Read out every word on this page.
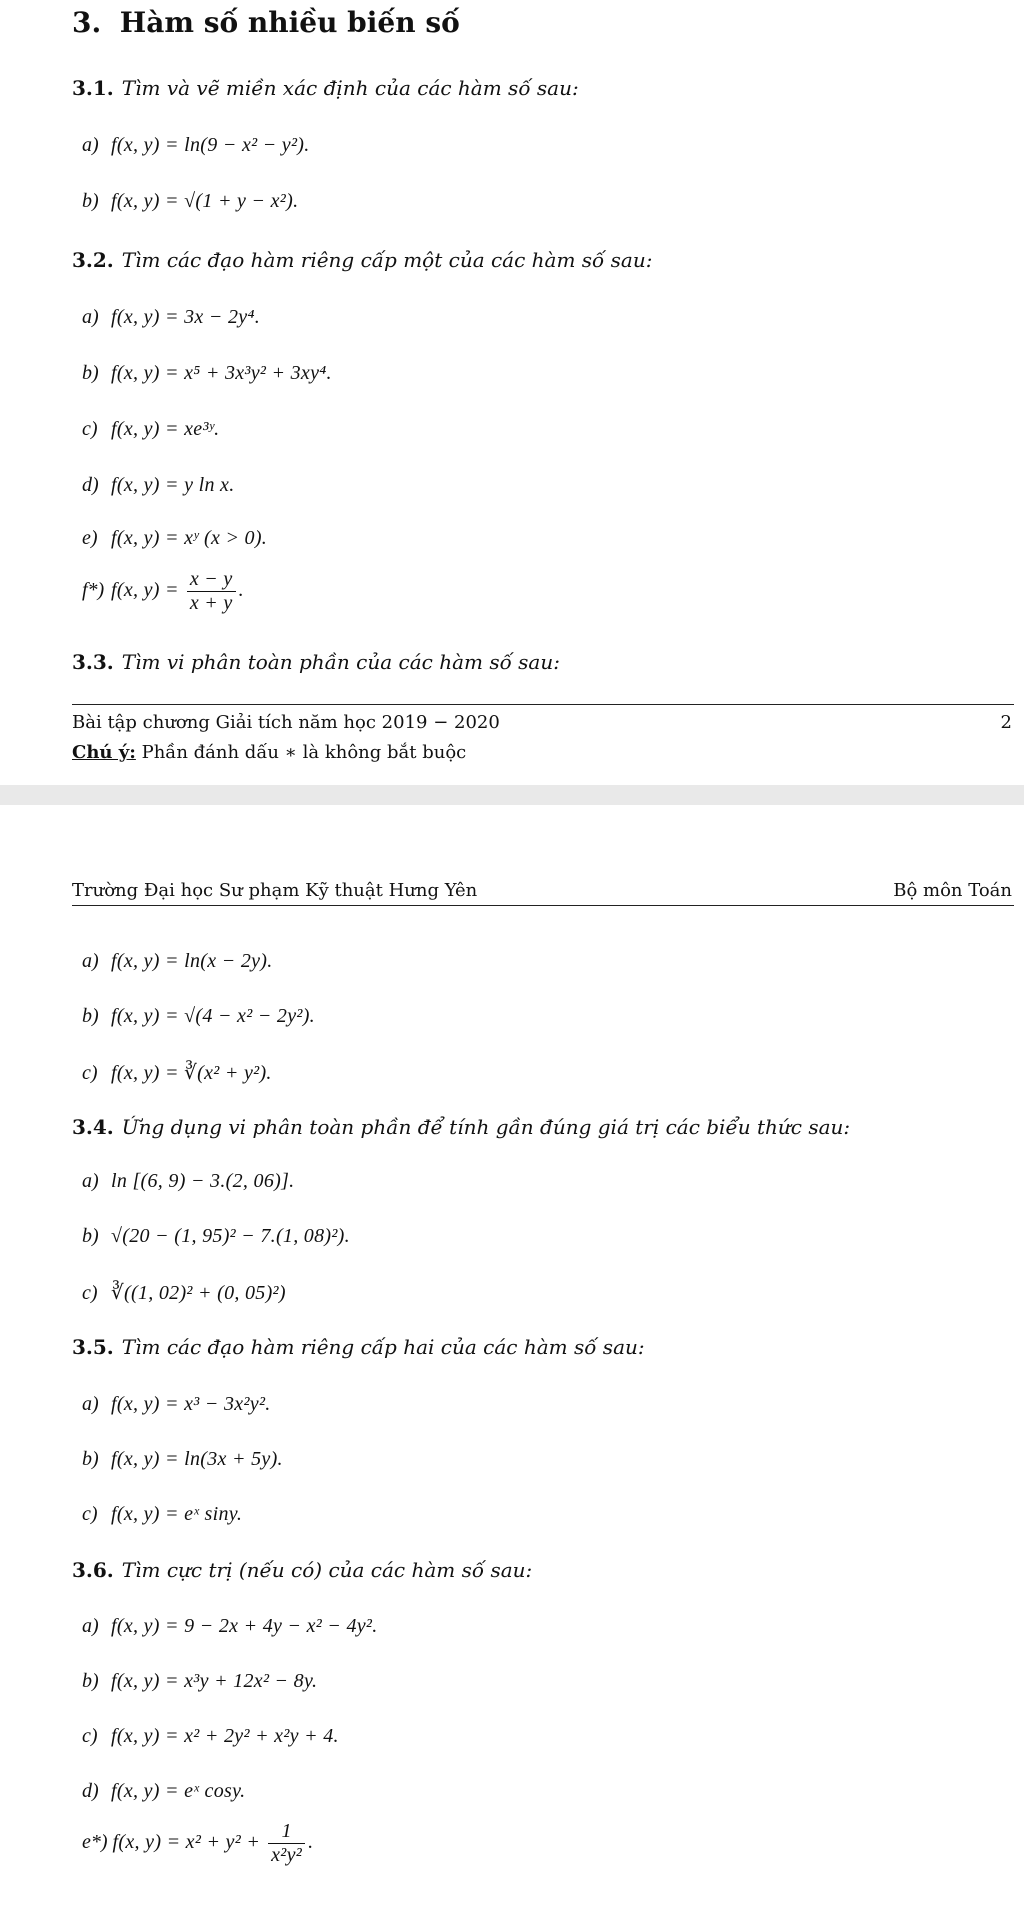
3. Hàm số nhiều biến số

3.1. Tìm và vẽ miền xác định của các hàm số sau:

a) f(x, y) = ln(9 − x² − y²).
b) f(x, y) = √(1 + y − x²).

3.2. Tìm các đạo hàm riêng cấp một của các hàm số sau:

a) f(x, y) = 3x − 2y⁴.
b) f(x, y) = x⁵ + 3x³y² + 3xy⁴.
c) f(x, y) = xe³ʸ.
d) f(x, y) = y ln x.
e) f(x, y) = xʸ (x > 0).
f*) f(x, $y) = \frac{x - y}{x + y}$ .

3.3. Tìm vi phân toàn phần của các hàm số sau:

Bài tập chương Giải tích năm học 2019 − 2020	2
Chú ý: Phần đánh dấu ∗ là không bắt buộc
Trường Đại học Sư phạm Kỹ thuật Hưng Yên	Bộ môn Toán
a) f(x, y) = ln(x − 2y).
b) f(x, y) = √(4 − x² − 2y²).
c) f(x, y) = ∛(x² + y²).

3.4. Ứng dụng vi phân toàn phần để tính gần đúng giá trị các biểu thức sau:

a) ln [(6, 9) − 3.(2, 06)].
b) √(20 − (1, 95)² − 7.(1, 08)²).
c) ∛((1, 02)² + (0, 05)²)

3.5. Tìm các đạo hàm riêng cấp hai của các hàm số sau:

a) f(x, y) = x³ − 3x²y².
b) f(x, y) = ln(3x + 5y).
c) f(x, y) = eˣ siny.

3.6. Tìm cực trị (nếu có) của các hàm số sau:

a) f(x, y) = 9 − 2x + 4y − x² − 4y².
b) f(x, y) = x³y + 12x² − 8y.
c) f(x, y) = x² + 2y² + x²y + 4.
d) f(x, y) = eˣ cosy.
e*) f(x, $y) = x^2 + y^2 + \frac{1}{\text{x²y²}}$ .
